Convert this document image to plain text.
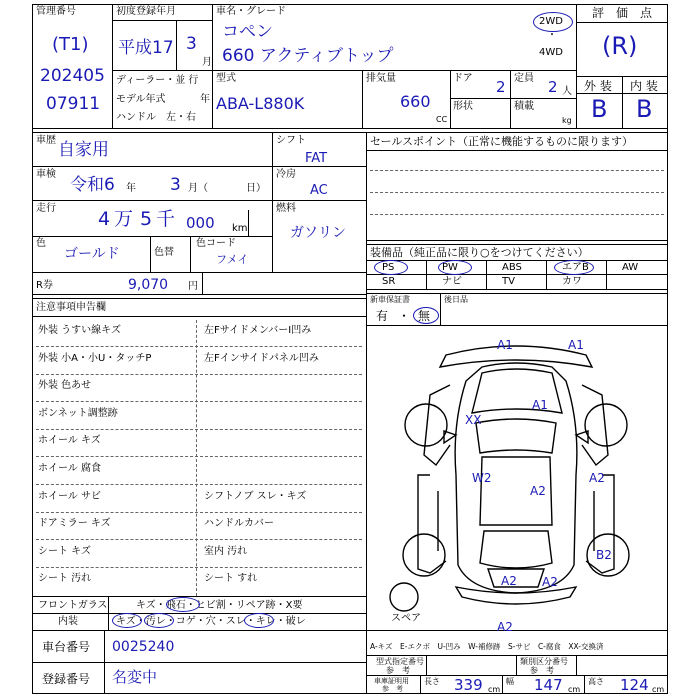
管理番号
(T1)
202405
07911
初度登録年月
平成17 3
月
ディーラー・並 行
モデル年式	年
ハンドル　左・右
車名・グレード
コペン
660 アクティブトップ
2WD
・
4WD
型式
ABA-L880K
排気量
660
CC
ドア 2 定員 2 人
形状	積載
kg
評　価　点
(R)
外 装 内 装
B B
車歴 自家用
車検
令和6 年 3 月（	日）
走行 4 万 5 千 000 km
色
ゴールド	色替
色コード
フメイ
シフト
FAT
冷房
AC
燃料
ガソリン
R券	9,070 円
セールスポイント（正常に機能するものに限ります）
装備品（純正品に限り○をつけてください）
PS	PW	ABS	エアB	AW
SR	ナビ	TV	カワ
新車保証書	後日品
有 ・ 無
注意事項申告欄
外装 うすい線キズ	左FサイドメンバーI凹み
外装 小A・小U・タッチP	左Fインサイドパネル凹み
外装 色あせ
ボンネット調整跡
ホイール キズ
ホイール 腐食
ホイール サビ	シフトノブ スレ・キズ
ドアミラー キズ	ハンドルカバー
シート キズ	室内 汚れ
シート 汚れ	シート すれ
フロントガラス	キズ・飛石・ヒビ割・リペア跡・X要
内装	キズ・汚レ・コゲ・穴・スレ・キレ・破レ
車台番号 0025240
登録番号 名変中
A-キズ　E-エクボ　U-凹み　W-補修跡　S-サビ　C-腐食　XX-交換済
型式指定番号
参　考
類別区分番号
参　考
車庫証明用
参　考
長さ 339 cm
幅 147 cm
高さ 124 cm
スペア
A1	A1
A1
XX
W2
A2
A2
B2
A2 A2
A2
